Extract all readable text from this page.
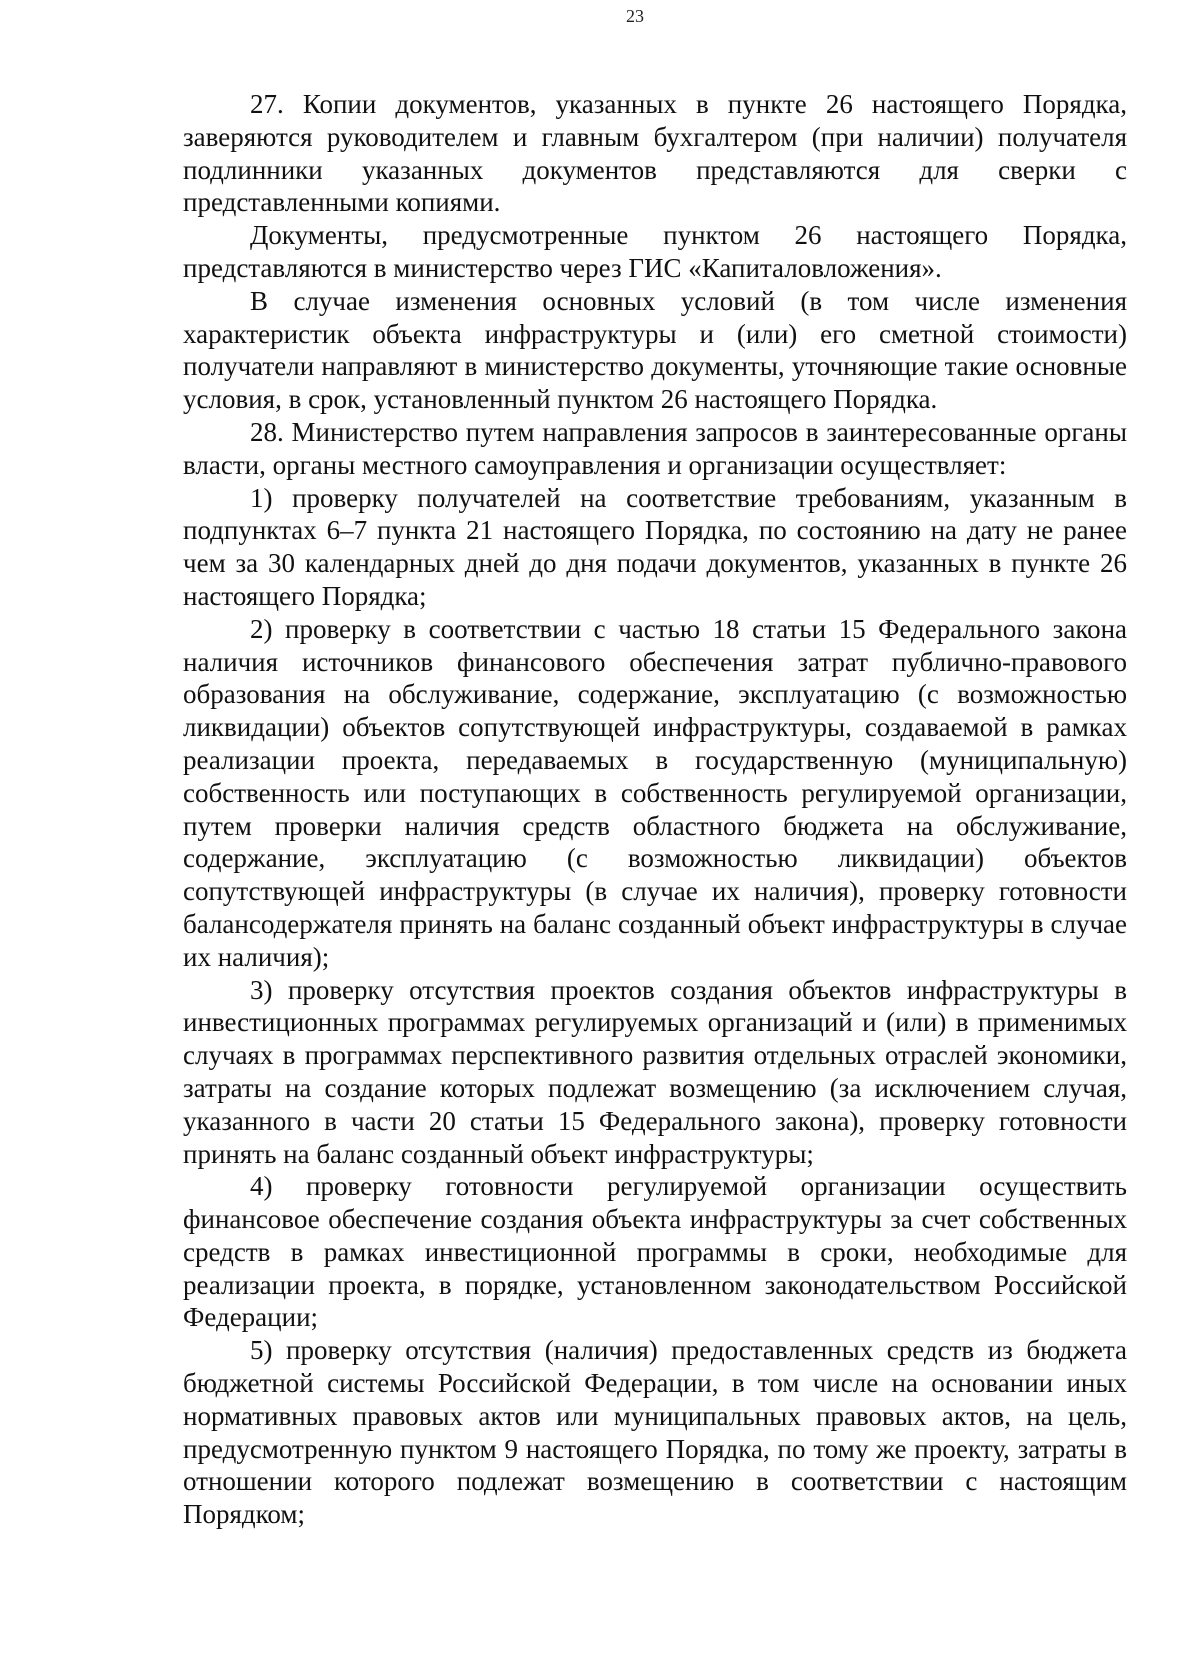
23

27. Копии документов, указанных в пункте 26 настоящего Порядка, заверяются руководителем и главным бухгалтером (при наличии) получателя подлинники указанных документов представляются для сверки с представленными копиями.

Документы, предусмотренные пунктом 26 настоящего Порядка, представляются в министерство через ГИС «Капиталовложения».

В случае изменения основных условий (в том числе изменения характеристик объекта инфраструктуры и (или) его сметной стоимости) получатели направляют в министерство документы, уточняющие такие основные условия, в срок, установленный пунктом 26 настоящего Порядка.

28. Министерство путем направления запросов в заинтересованные органы власти, органы местного самоуправления и организации осуществляет:

1) проверку получателей на соответствие требованиям, указанным в подпунктах 6–7 пункта 21 настоящего Порядка, по состоянию на дату не ранее чем за 30 календарных дней до дня подачи документов, указанных в пункте 26 настоящего Порядка;

2) проверку в соответствии с частью 18 статьи 15 Федерального закона наличия источников финансового обеспечения затрат публично-правового образования на обслуживание, содержание, эксплуатацию (с возможностью ликвидации) объектов сопутствующей инфраструктуры, создаваемой в рамках реализации проекта, передаваемых в государственную (муниципальную) собственность или поступающих в собственность регулируемой организации, путем проверки наличия средств областного бюджета на обслуживание, содержание, эксплуатацию (с возможностью ликвидации) объектов сопутствующей инфраструктуры (в случае их наличия), проверку готовности балансодержателя принять на баланс созданный объект инфраструктуры в случае их наличия);

3) проверку отсутствия проектов создания объектов инфраструктуры в инвестиционных программах регулируемых организаций и (или) в применимых случаях в программах перспективного развития отдельных отраслей экономики, затраты на создание которых подлежат возмещению (за исключением случая, указанного в части 20 статьи 15 Федерального закона), проверку готовности принять на баланс созданный объект инфраструктуры;

4) проверку готовности регулируемой организации осуществить финансовое обеспечение создания объекта инфраструктуры за счет собственных средств в рамках инвестиционной программы в сроки, необходимые для реализации проекта, в порядке, установленном законодательством Российской Федерации;

5) проверку отсутствия (наличия) предоставленных средств из бюджета бюджетной системы Российской Федерации, в том числе на основании иных нормативных правовых актов или муниципальных правовых актов, на цель, предусмотренную пунктом 9 настоящего Порядка, по тому же проекту, затраты в отношении которого подлежат возмещению в соответствии с настоящим Порядком;
